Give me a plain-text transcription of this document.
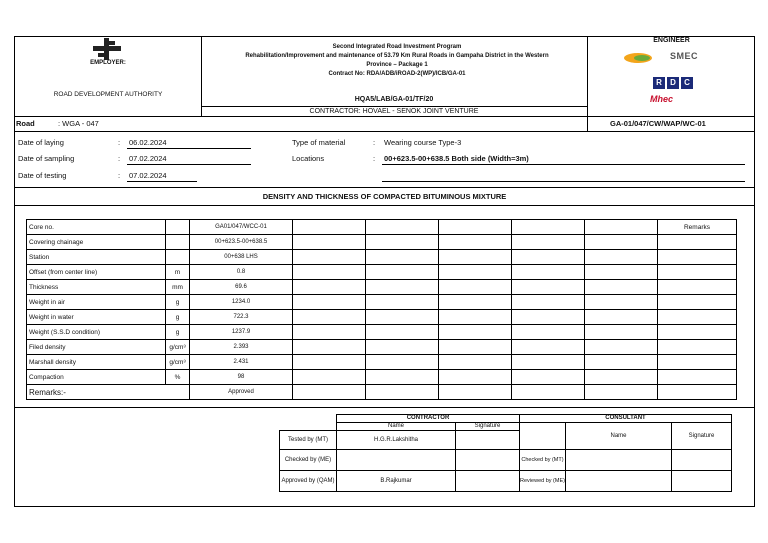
EMPLOYER:
ROAD DEVELOPMENT AUTHORITY
Second Integrated Road Investment Program
Rehabilitation/Improvement and maintenance of 53.79 Km Rural Roads in Gampaha District in the Western
Province – Package 1
Contract No: RDA/ADB/iROAD-2(WP)/ICB/GA-01
HQA5/LAB/GA-01/TF/20
CONTRACTOR: HOVAEL - SENOK JOINT VENTURE
ENGINEER
SMEC
R D C
Mhec
Road	: WGA - 047	GA-01/047/CW/WAP/WC-01
Date of laying	: 06.02.2024
Date of sampling	: 07.02.2024
Date of testing	: 07.02.2024
Type of material	: Wearing course Type-3
Locations	: 00+623.5-00+638.5 Both side (Width=3m)
DENSITY AND THICKNESS OF COMPACTED BITUMINOUS MIXTURE
Core no.		GA01/047/WCC-01						Remarks
Covering chainage		00+623.5-00+638.5						
Station		00+638 LHS						
Offset (from center line)	m	0.8						
Thickness	mm	69.6						
Weight in air	g	1234.0						
Weight in water	g	722.3						
Weight (S.S.D condition)	g	1237.9						
Filed density	g/cm³	2.393						
Marshall density	g/cm³	2.431						
Compaction	%	98						
Remarks:-		Approved						
	CONTRACTOR		CONSULTANT		
	Name	Signature		Name	Signature
Tested by (MT)	H.G.R.Lakshitha				
Checked by (ME)			Checked by (MT)		
Approved by (QAM)	B.Rajkumar		Reviewed by (ME)		
